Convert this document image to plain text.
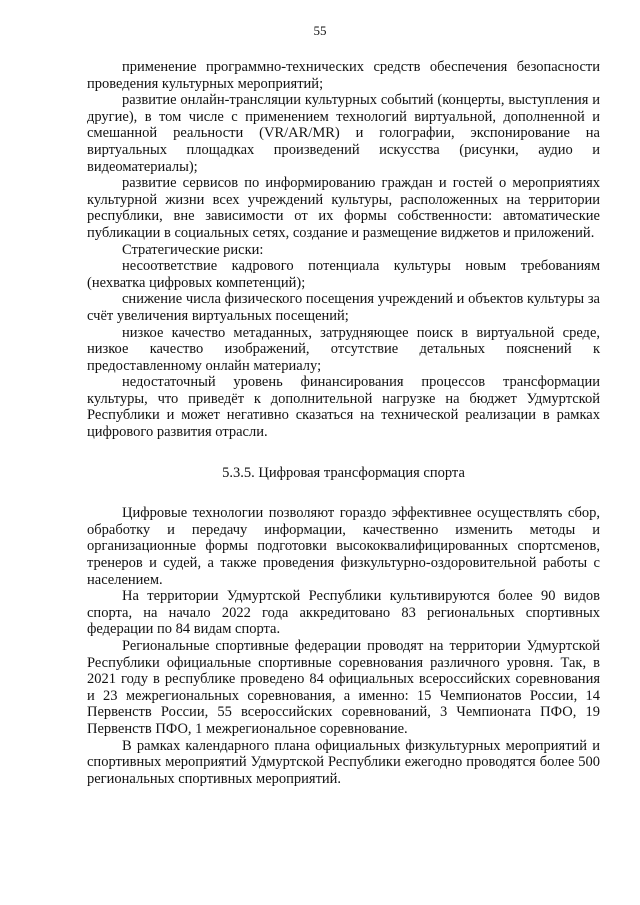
55

применение программно-технических средств обеспечения безопасности проведения культурных мероприятий;

развитие онлайн-трансляции культурных событий (концерты, выступления и другие), в том числе с применением технологий виртуальной, дополненной и смешанной реальности (VR/AR/MR) и голографии, экспонирование на виртуальных площадках произведений искусства (рисунки, аудио и видеоматериалы);

развитие сервисов по информированию граждан и гостей о мероприятиях культурной жизни всех учреждений культуры, расположенных на территории республики, вне зависимости от их формы собственности: автоматические публикации в социальных сетях, создание и размещение виджетов и приложений.

Стратегические риски:

несоответствие кадрового потенциала культуры новым требованиям (нехватка цифровых компетенций);

снижение числа физического посещения учреждений и объектов культуры за счёт увеличения виртуальных посещений;

низкое качество метаданных, затрудняющее поиск в виртуальной среде, низкое качество изображений, отсутствие детальных пояснений к предоставленному онлайн материалу;

недостаточный уровень финансирования процессов трансформации культуры, что приведёт к дополнительной нагрузке на бюджет Удмуртской Республики и может негативно сказаться на технической реализации в рамках цифрового развития отрасли.

5.3.5. Цифровая трансформация спорта

Цифровые технологии позволяют гораздо эффективнее осуществлять сбор, обработку и передачу информации, качественно изменить методы и организационные формы подготовки высококвалифицированных спортсменов, тренеров и судей, а также проведения физкультурно-оздоровительной работы с населением.

На территории Удмуртской Республики культивируются более 90 видов спорта, на начало 2022 года аккредитовано 83 региональных спортивных федерации по 84 видам спорта.

Региональные спортивные федерации проводят на территории Удмуртской Республики официальные спортивные соревнования различного уровня. Так, в 2021 году в республике проведено 84 официальных всероссийских соревнования и 23 межрегиональных соревнования, а именно: 15 Чемпионатов России, 14 Первенств России, 55 всероссийских соревнований, 3 Чемпионата ПФО, 19 Первенств ПФО, 1 межрегиональное соревнование.

В рамках календарного плана официальных физкультурных мероприятий и спортивных мероприятий Удмуртской Республики ежегодно проводятся более 500 региональных спортивных мероприятий.
